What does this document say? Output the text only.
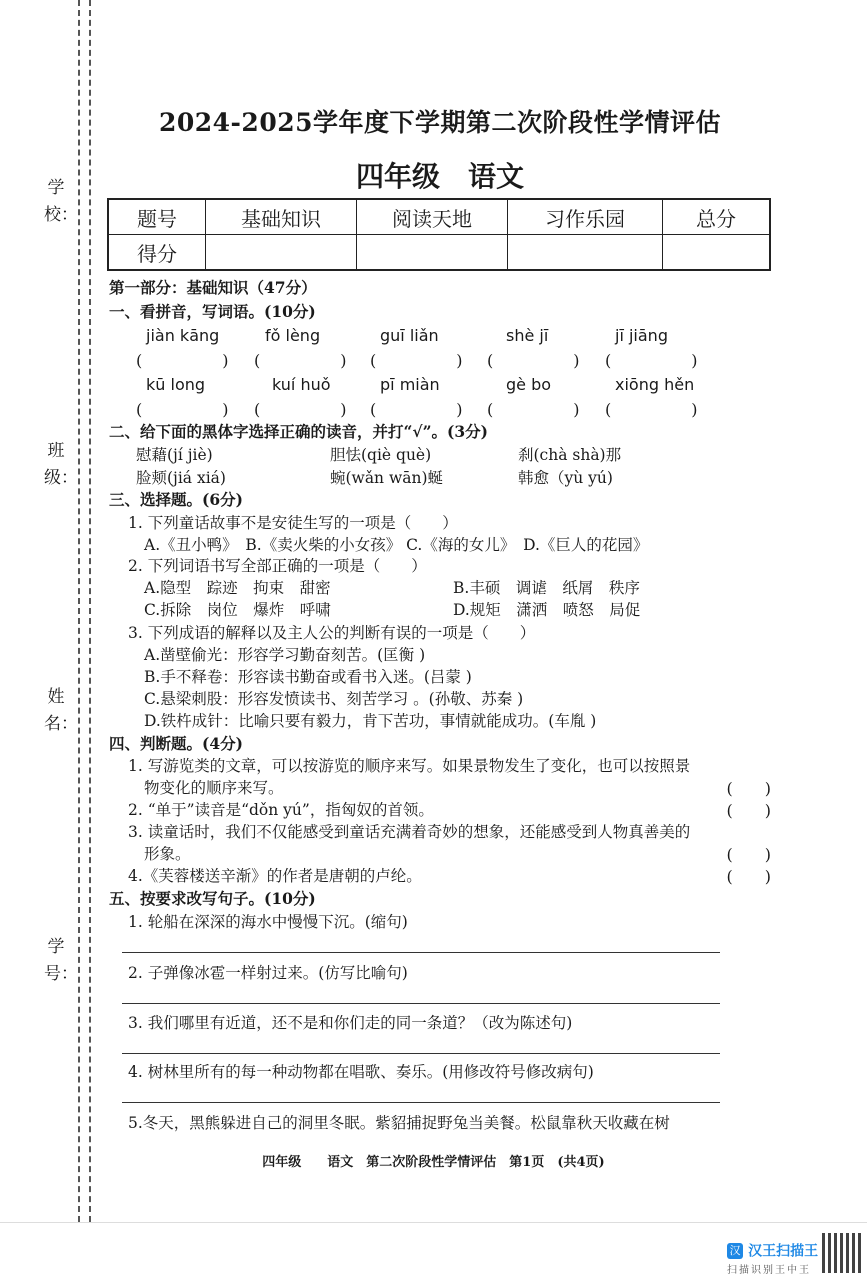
学校：
班级：
姓名：
学号：
2024-2025学年度下学期第二次阶段性学情评估
四年级　语文
题号	基础知识	阅读天地	习作乐园	总分
得分				
第一部分：基础知识（47分）
一、看拼音，写词语。(10分)
jiàn kāng	fǒ lèng	guī liǎn	shè jī	jī jiāng
(　　　　　) (　　　　　) (　　　　　) (　　　　　) (　　　　　)
kū long	kuí huǒ	pī miàn	gè bo	xiōng hěn
(　　　　　) (　　　　　) (　　　　　) (　　　　　) (　　　　　)
二、给下面的黑体字选择正确的读音，并打“√”。(3分)
慰藉(jí jiè)	胆怯(qiè què)	刹(chà shà)那
脸颊(jiá xiá)	蜿(wǎn wān)蜒	韩愈（yù yú)
三、选择题。(6分)
1. 下列童话故事不是安徒生写的一项是（　　）
A.《丑小鸭》　B.《卖火柴的小女孩》 C.《海的女儿》　D.《巨人的花园》
2. 下列词语书写全部正确的一项是（　　）
A.隐型　踪迹　拘束　甜密	B.丰硕　调谑　纸屑　秩序
C.拆除　岗位　爆炸　呼啸	D.规矩　潇洒　喷怒　局促
3. 下列成语的解释以及主人公的判断有误的一项是（　　）
A.凿壁偷光：形容学习勤奋刻苦。(匡衡 )
B.手不释卷：形容读书勤奋或看书入迷。(吕蒙 )
C.悬梁刺股：形容发愤读书、刻苦学习 。(孙敬、苏秦 )
D.铁杵成针：比喻只要有毅力，肯下苦功，事情就能成功。(车胤 )
四、判断题。(4分)
1. 写游览类的文章，可以按游览的顺序来写。如果景物发生了变化，也可以按照景
物变化的顺序来写。	(　　)
2. “单于”读音是“dǒn yú”，指匈奴的首领。	(　　)
3. 读童话时，我们不仅能感受到童话充满着奇妙的想象，还能感受到人物真善美的
形象。	(　　)
4.《芙蓉楼送辛渐》的作者是唐朝的卢纶。	(　　)
五、按要求改写句子。(10分)
1. 轮船在深深的海水中慢慢下沉。(缩句)
2. 子弹像冰雹一样射过来。(仿写比喻句)
3. 我们哪里有近道，还不是和你们走的同一条道？（改为陈述句)
4. 树林里所有的每一种动物都在唱歌、奏乐。(用修改符号修改病句)
5.冬天，黑熊躲进自己的洞里冬眠。紫貂捕捉野兔当美餐。松鼠靠秋天收藏在树
四年级　　语文　第二次阶段性学情评估　第1页　(共4页)
汉 汉王扫描王
扫描识别王中王
